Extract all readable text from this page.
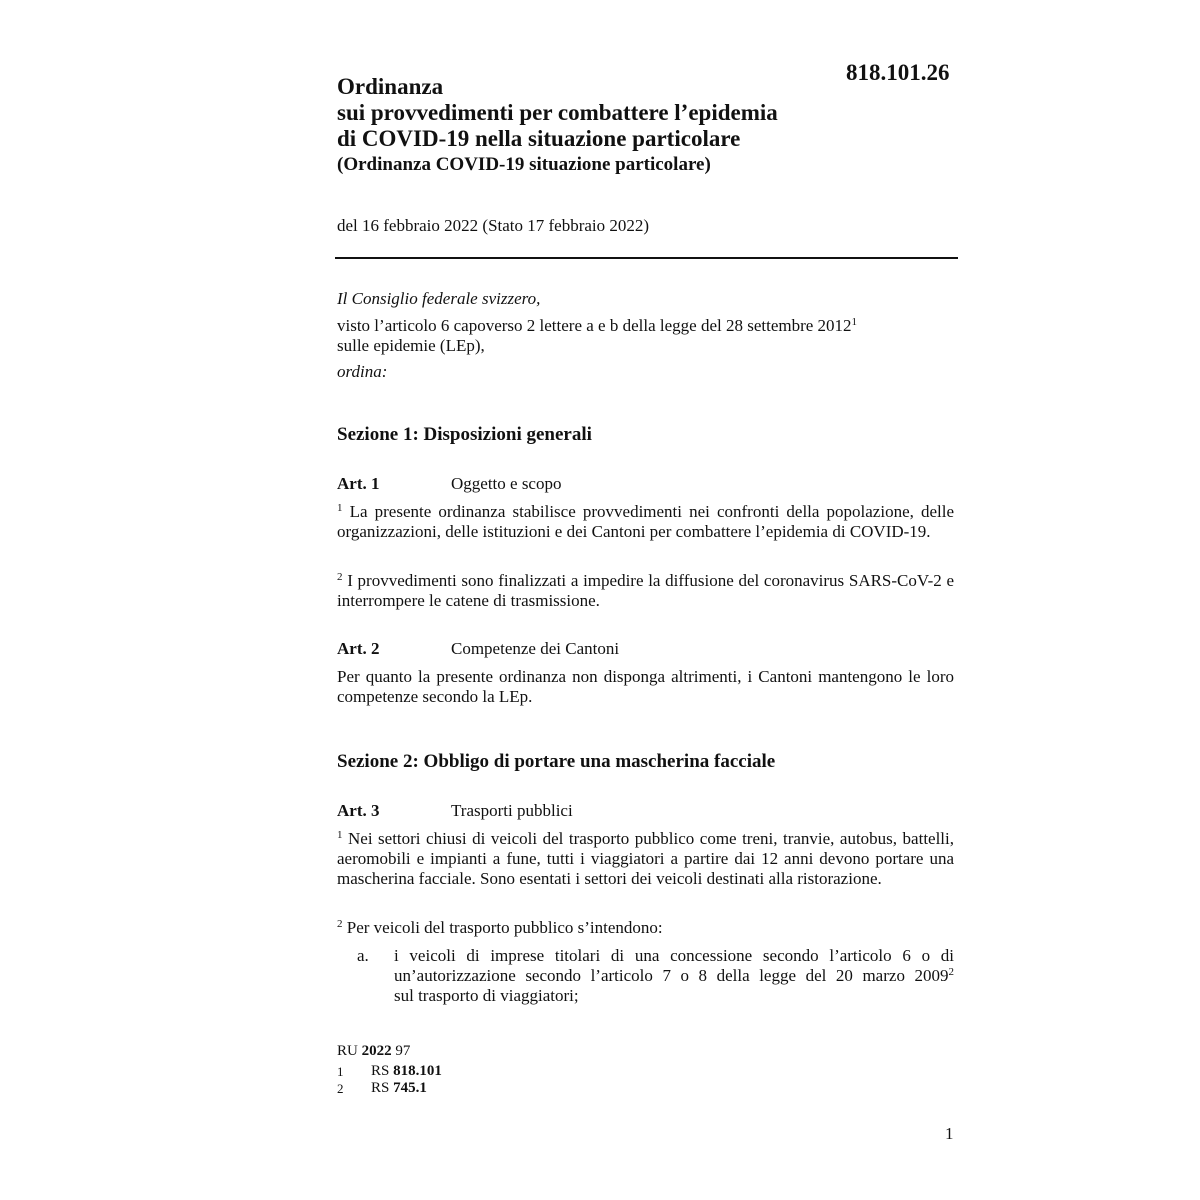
818.101.26
Ordinanza
sui provvedimenti per combattere l’epidemia
di COVID-19 nella situazione particolare
(Ordinanza COVID-19 situazione particolare)
del 16 febbraio 2022 (Stato 17 febbraio 2022)
Il Consiglio federale svizzero,
visto l’articolo 6 capoverso 2 lettere a e b della legge del 28 settembre 2012$^1$
sulle epidemie (LEp),
ordina:
Sezione 1: Disposizioni generali
Art. 1	Oggetto e scopo
$^1$ La presente ordinanza stabilisce provvedimenti nei confronti della popolazione, delle organizzazioni, delle istituzioni e dei Cantoni per combattere l’epidemia di COVID-19.
$^2$ I provvedimenti sono finalizzati a impedire la diffusione del coronavirus SARS-CoV-2 e interrompere le catene di trasmissione.
Art. 2	Competenze dei Cantoni
Per quanto la presente ordinanza non disponga altrimenti, i Cantoni mantengono le loro competenze secondo la LEp.
Sezione 2: Obbligo di portare una mascherina facciale
Art. 3	Trasporti pubblici
$^1$ Nei settori chiusi di veicoli del trasporto pubblico come treni, tranvie, autobus, battelli, aeromobili e impianti a fune, tutti i viaggiatori a partire dai 12 anni devono portare una mascherina facciale. Sono esentati i settori dei veicoli destinati alla ristorazione.
$^2$ Per veicoli del trasporto pubblico s’intendono:
a. i veicoli di imprese titolari di una concessione secondo l’articolo 6 o di un’autorizzazione secondo l’articolo 7 o 8 della legge del 20 marzo 2009$^2$
sul trasporto di viaggiatori;
RU 2022 97
1 RS 818.101
2 RS 745.1
1
